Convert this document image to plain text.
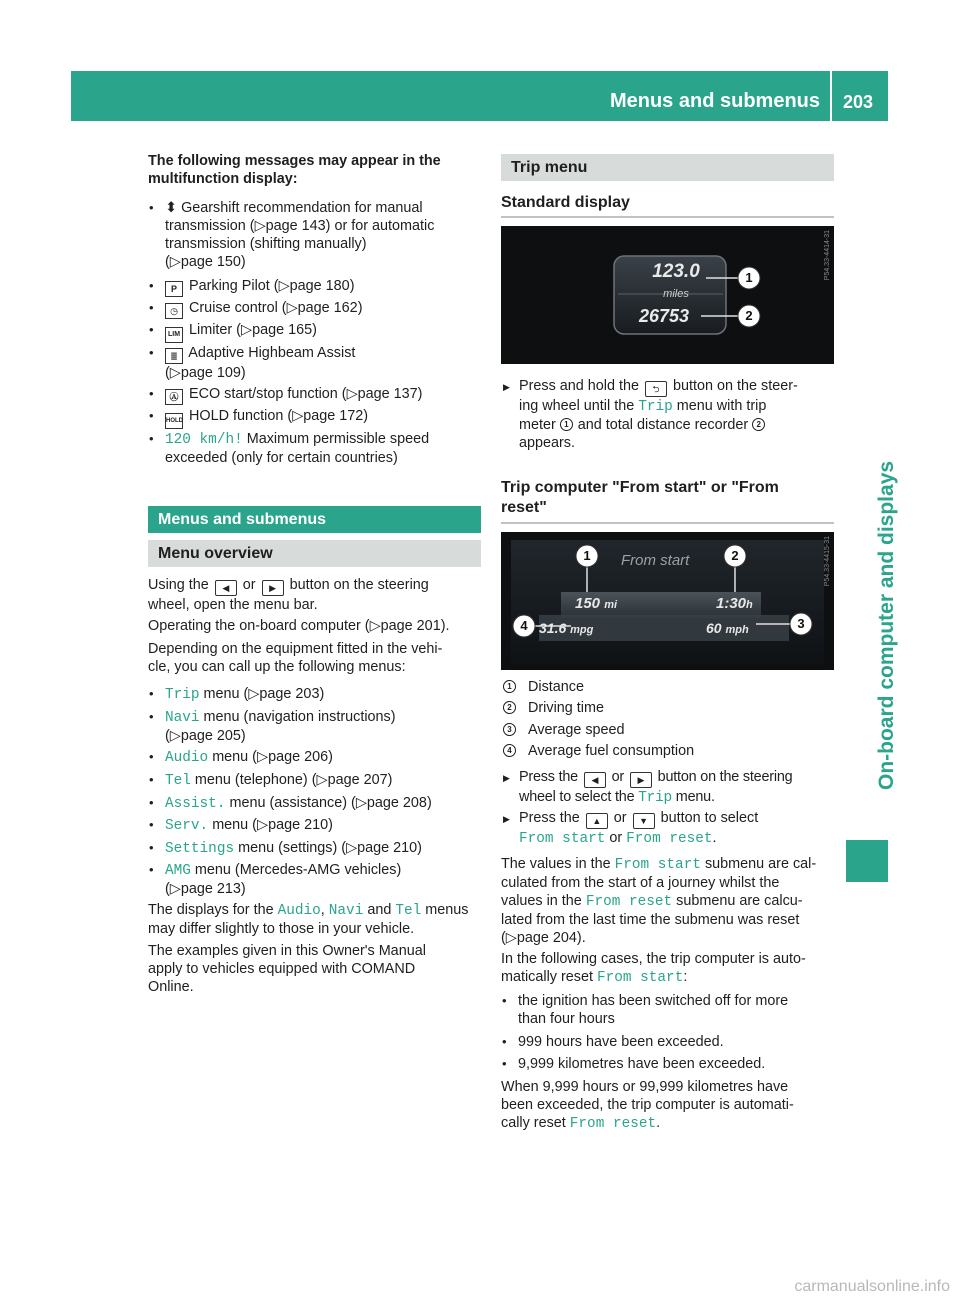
Menus and submenus 203
On-board computer and displays

The following messages may appear in the multifunction display:

• ⬍ Gearshift recommendation for manual
transmission (▷page 143) or for automatic
transmission (shifting manually)
(▷page 150)
• P Parking Pilot (▷page 180)
• ◷ Cruise control (▷page 162)
• LIM Limiter (▷page 165)
• ≣ Adaptive Highbeam Assist
(▷page 109)
• Ⓐ ECO start/stop function (▷page 137)
• HOLD HOLD function (▷page 172)
• 120 km/h! Maximum permissible speed
exceeded (only for certain countries)
Menus and submenus
Menu overview

Using the ◀ or ▶ button on the steering
wheel, open the menu bar.

Operating the on-board computer (▷page 201).

Depending on the equipment fitted in the vehi-
cle, you can call up the following menus:

• Trip menu (▷page 203)
• Navi menu (navigation instructions)
(▷page 205)
• Audio menu (▷page 206)
• Tel menu (telephone) (▷page 207)
• Assist. menu (assistance) (▷page 208)
• Serv. menu (▷page 210)
• Settings menu (settings) (▷page 210)
• AMG menu (Mercedes-AMG vehicles)
(▷page 213)

The displays for the Audio, Navi and Tel menus
may differ slightly to those in your vehicle.

The examples given in this Owner's Manual
apply to vehicles equipped with COMAND
Online.

Trip menu
Standard display
123.0
miles
26753
1
2
P54.33-4414-31
▶ Press and hold the ⮌ button on the steer-
ing wheel until the Trip menu with trip
meter	1 and total distance recorder	2

appears.
Trip computer "From start" or "From
reset"
From start
150 mi	1:30h
31.6 mpg	60 mph
1	2
3
4
P54.33-4415-31
1 Distance
2 Driving time
3 Average speed
4 Average fuel consumption
▶ Press the ◀ or ▶ button on the steering
wheel to select the Trip menu.
▶ Press the ▲ or ▼ button to select
From start or From reset.

The values in the From start submenu are cal-
culated from the start of a journey whilst the
values in the From reset submenu are calcu-
lated from the last time the submenu was reset
(▷page 204).

In the following cases, the trip computer is auto-
matically reset From start:

• the ignition has been switched off for more
than four hours
• 999 hours have been exceeded.
• 9,999 kilometres have been exceeded.

When 9,999 hours or 99,999 kilometres have
been exceeded, the trip computer is automati-
cally reset From reset.

carmanualsonline.info
